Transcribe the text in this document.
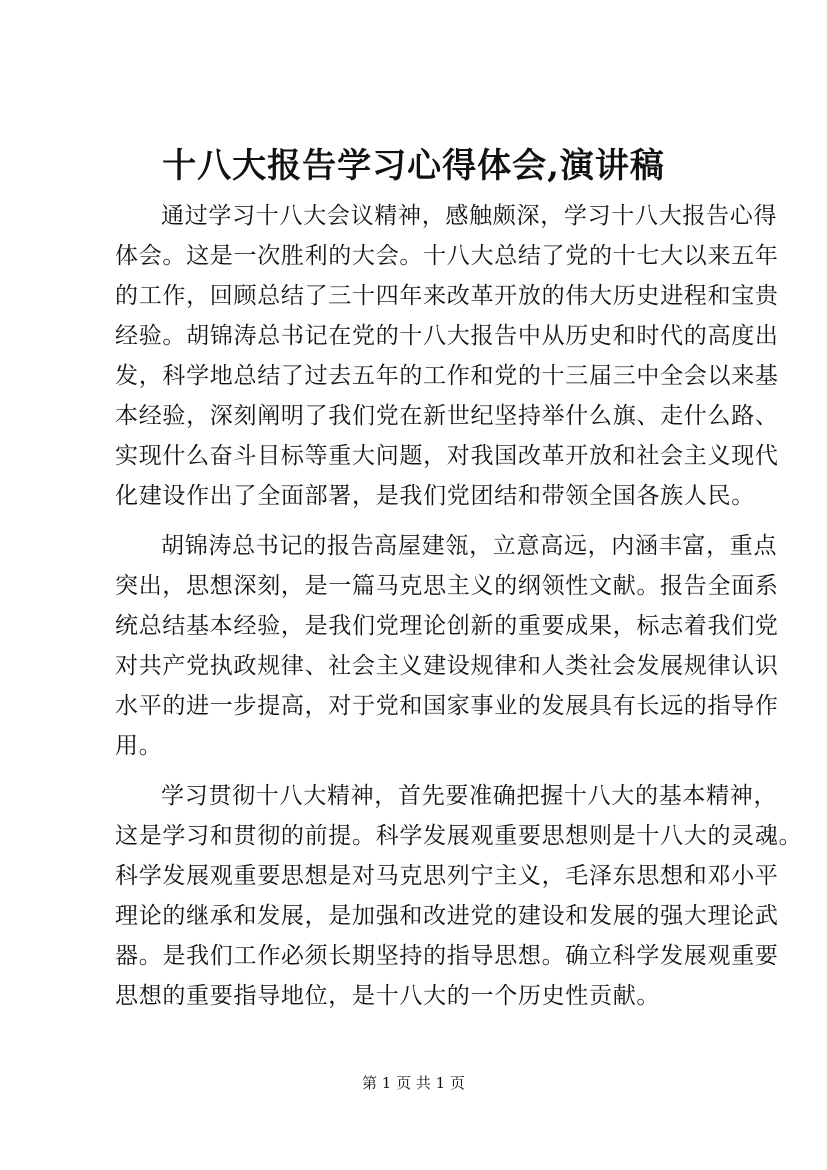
十八大报告学习心得体会,演讲稿
通过学习十八大会议精神，感触颇深，学习十八大报告心得
体会。这是一次胜利的大会。十八大总结了党的十七大以来五年
的工作，回顾总结了三十四年来改革开放的伟大历史进程和宝贵
经验。胡锦涛总书记在党的十八大报告中从历史和时代的高度出
发，科学地总结了过去五年的工作和党的十三届三中全会以来基
本经验，深刻阐明了我们党在新世纪坚持举什么旗、走什么路、
实现什么奋斗目标等重大问题，对我国改革开放和社会主义现代
化建设作出了全面部署，是我们党团结和带领全国各族人民。
胡锦涛总书记的报告高屋建瓴，立意高远，内涵丰富，重点
突出，思想深刻，是一篇马克思主义的纲领性文献。报告全面系
统总结基本经验，是我们党理论创新的重要成果，标志着我们党
对共产党执政规律、社会主义建设规律和人类社会发展规律认识
水平的进一步提高，对于党和国家事业的发展具有长远的指导作
用。
学习贯彻十八大精神，首先要准确把握十八大的基本精神，
这是学习和贯彻的前提。科学发展观重要思想则是十八大的灵魂。
科学发展观重要思想是对马克思列宁主义，毛泽东思想和邓小平
理论的继承和发展，是加强和改进党的建设和发展的强大理论武
器。是我们工作必须长期坚持的指导思想。确立科学发展观重要
思想的重要指导地位，是十八大的一个历史性贡献。
第 1 页 共 1 页
